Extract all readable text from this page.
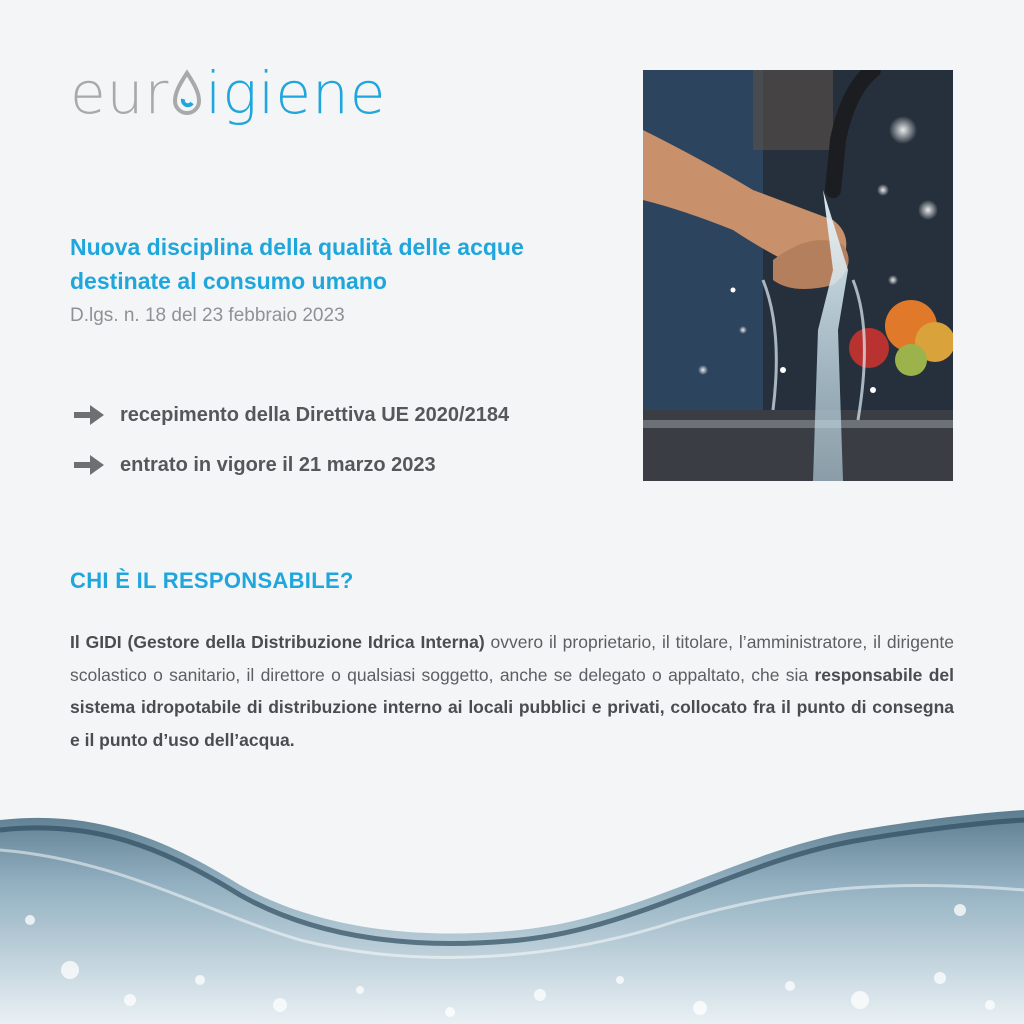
eur igiene
Nuova disciplina della qualità delle acque destinate al consumo umano
D.lgs. n. 18 del 23 febbraio 2023
recepimento della Direttiva UE 2020/2184
entrato in vigore il 21 marzo 2023
CHI È IL RESPONSABILE?
Il GIDI (Gestore della Distribuzione Idrica Interna) ovvero il proprietario, il titolare, l’amministratore, il dirigente scolastico o sanitario, il direttore o qualsiasi soggetto, anche se delegato o appaltato, che sia responsabile del sistema idropotabile di distribuzione interno ai locali pubblici e privati, collocato fra il punto di consegna e il punto d’uso dell’acqua.
